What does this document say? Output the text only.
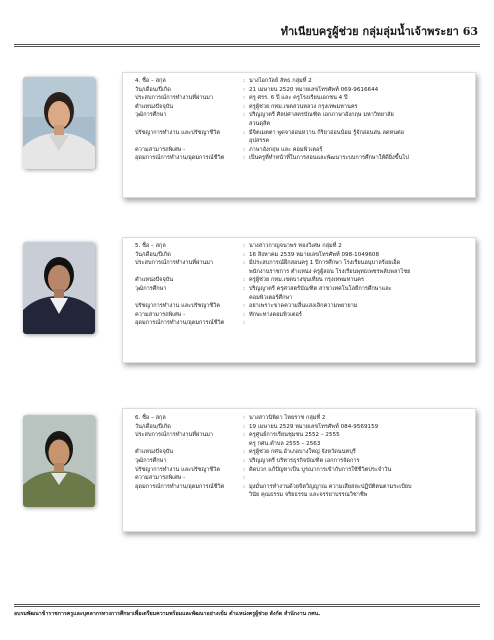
ทำเนียบครูผู้ช่วย กลุ่มลุ่มน้ำเจ้าพระยา 63
4. ชื่อ – สกุล	: นางไอกวัลย์ ลัทธ กลุ่มที่ 2
วัน/เดือน/ปีเกิด	: 21 เมษายน 2520 หมายเลขโทรศัพท์ 069-9616644
ประสบการณ์การทำงานที่ผ่านมา	: ครู ศรร. 6 ปี และ ครูโรงเรียนเอกชน 4 ปี
ตำแหน่งปัจจุบัน	: ครูผู้ช่วย กทม.เขตสวนหลวง กรุงเทพมหานคร
วุฒิการศึกษา	: ปริญญาตรี ศิลปศาสตรบัณฑิต เอกภาษาอังกฤษ มหาวิทยาลัย
สวนดุสิต
ปรัชญาการทำงาน และปรัชญาชีวิต	: มีจิตเมตตา พูดจาอ่อนหวาน ก้ริยาอ่อนน้อม รู้จักอ่อนสน ลดหนต่อ
อุปสรรค
ความสามารถพิเศษ -	: ภาษาอังกฤษ และ คอมพิวเตอร์
อุดมการณ์การทำงาน/อุดมการณ์ชีวิต	: เป็นครูที่ทำหน้าที่ในการสอนและพัฒนาระบบการศึกษาให้ดียิ่งขึ้นไป
5. ชื่อ – สกุล	: นางสาวกาญจนาพร ทองวิเศษ กลุ่มที่ 2
วัน/เดือน/ปีเกิด	: 16 สิงหาคม 2539 หมายเลขโทรศัพท์ 098-1049608
ประสบการณ์การทำงานที่ผ่านมา	: มีประสบการณ์ฝึกสอนครู 1 ปีการศึกษา โรงเรียนอนุบาลร้อยเอ็ด
พนักงานราชการ ตำแหน่ง ครูผู้สอน โรงเรียนพุทธเพชรพลับพลาไชย
ตำแหน่งปัจจุบัน	: ครูผู้ช่วย กทม.เขตบางขุนเทียน กรุงเทพมหานคร
วุฒิการศึกษา	: ปริญญาตรี ครุศาสตร์บัณฑิต สาขาเทคโนโลยีการศึกษาและ
คอมพิวเตอร์ศึกษา
ปรัชญาการทำงาน และปรัชญาชีวิต	: อย่าเพราะขาดความลื่นแสงเลิกความพยายาม
ความสามารถพิเศษ -	: ทักษะทางคอมพิวเตอร์
อุดมการณ์การทำงาน/อุดมการณ์ชีวิต	:
6. ชื่อ – สกุล	: นางสาวนิพิดา ไหยราช กลุ่มที่ 2
วัน/เดือน/ปีเกิด	: 19 เมษายน 2529 หมายเลขโทรศัพท์ 084-9569159
ประสบการณ์การทำงานที่ผ่านมา	: ครูศูนย์การเรียนชุมชน 2552 – 2555
ครู กศน.ตำบล 2555 – 2563
ตำแหน่งปัจจุบัน	: ครูผู้ช่วย กศน.อำเภอบางใหญ่ จังหวัดนนทบุรี
วุฒิการศึกษา	: ปริญญาตรี บริหารธุรกิจบัณฑิต เอกการจัดการ
ปรัชญาการทำงาน และปรัชญาชีวิต	: คิดบวก แก้ปัญหาเป็น บูรณาการเข้ากับการใช้ชีวิตประจำวัน
ความสามารถพิเศษ -	:
อุดมการณ์การทำงาน/อุดมการณ์ชีวิต	: มุ่งมั่นการทำงานด้วยจิตวิญญาณ ความเสียสละปฏิบัติตนตามระเบียบ
วินัย คุณธรรม จริยธรรม และจรรยาบรรณวิชาชีพ
อบรมพัฒนาข้าราชการครูและบุคลากรทางการศึกษาเพื่อเตรียมความพร้อมและพัฒนาอย่างเข้ม ตำแหน่งครูผู้ช่วย สังกัด สำนักงาน กศน.
